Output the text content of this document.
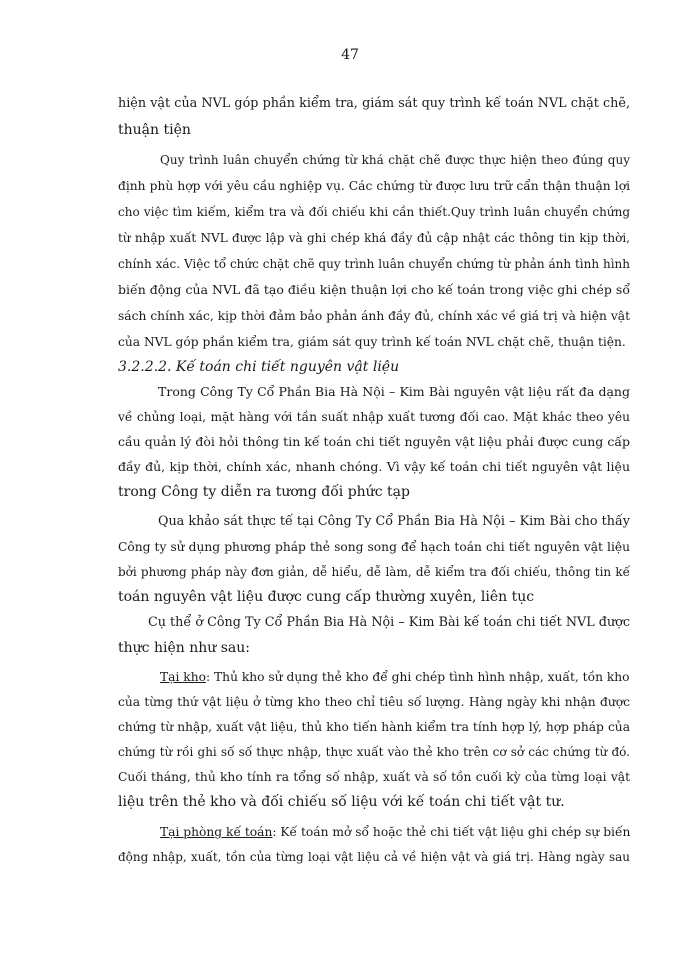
47
hiện vật của NVL góp phần kiểm tra, giám sát quy trình kế toán NVL chặt chẽ,
thuận tiện
Quy trình luân chuyển chứng từ khá chặt chẽ được thực hiện theo đúng quy
định phù hợp với yêu cầu nghiệp vụ. Các chứng từ được lưu trữ cẩn thận thuận lợi
cho việc tìm kiếm, kiểm tra và đối chiếu khi cần thiết.Quy trình luân chuyển chứng
từ nhập xuất NVL được lập và ghi chép khá đầy đủ cập nhật các thông tin kịp thời,
chính xác. Việc tổ chức chặt chẽ quy trình luân chuyển chứng từ phản ánh tình hình
biến động của NVL đã tạo điều kiện thuận lợi cho kế toán trong việc ghi chép sổ
sách chính xác, kịp thời đảm bảo phản ánh đầy đủ, chính xác về giá trị và hiện vật
của NVL góp phần kiểm tra, giám sát quy trình kế toán NVL chặt chẽ, thuận tiện.
3.2.2.2. Kế toán chi tiết nguyên vật liệu
Trong Công Ty Cổ Phần Bia Hà Nội – Kim Bài nguyên vật liệu rất đa dạng
về chủng loại, mặt hàng với tần suất nhập xuất tương đối cao. Mặt khác theo yêu
cầu quản lý đòi hỏi thông tin kế toán chi tiết nguyên vật liệu phải được cung cấp
đầy đủ, kịp thời, chính xác, nhanh chóng. Vì vậy kế toán chi tiết nguyên vật liệu
trong Công ty diễn ra tương đối phức tạp
Qua khảo sát thực tế tại Công Ty Cổ Phần Bia Hà Nội – Kim Bài cho thấy
Công ty sử dụng phương pháp thẻ song song để hạch toán chi tiết nguyên vật liệu
bởi phương pháp này đơn giản, dễ hiểu, dễ làm, dễ kiểm tra đối chiếu, thông tin kế
toán nguyên vật liệu được cung cấp thường xuyên, liên tục
Cụ thể ở Công Ty Cổ Phần Bia Hà Nội – Kim Bài kế toán chi tiết NVL được
thực hiện như sau:
Tại kho: Thủ kho sử dụng thẻ kho để ghi chép tình hình nhập, xuất, tồn kho
của từng thứ vật liệu ở từng kho theo chỉ tiêu số lượng. Hàng ngày khi nhận được
chứng từ nhập, xuất vật liệu, thủ kho tiến hành kiểm tra tính hợp lý, hợp pháp của
chứng từ rồi ghi số số thực nhập, thực xuất vào thẻ kho trên cơ sở các chứng từ đó.
Cuối tháng, thủ kho tính ra tổng số nhập, xuất và số tồn cuối kỳ của từng loại vật
liệu trên thẻ kho và đối chiếu số liệu với kế toán chi tiết vật tư.
Tại phòng kế toán: Kế toán mở sổ hoặc thẻ chi tiết vật liệu ghi chép sự biến
động nhập, xuất, tồn của từng loại vật liệu cả về hiện vật và giá trị. Hàng ngày sau
